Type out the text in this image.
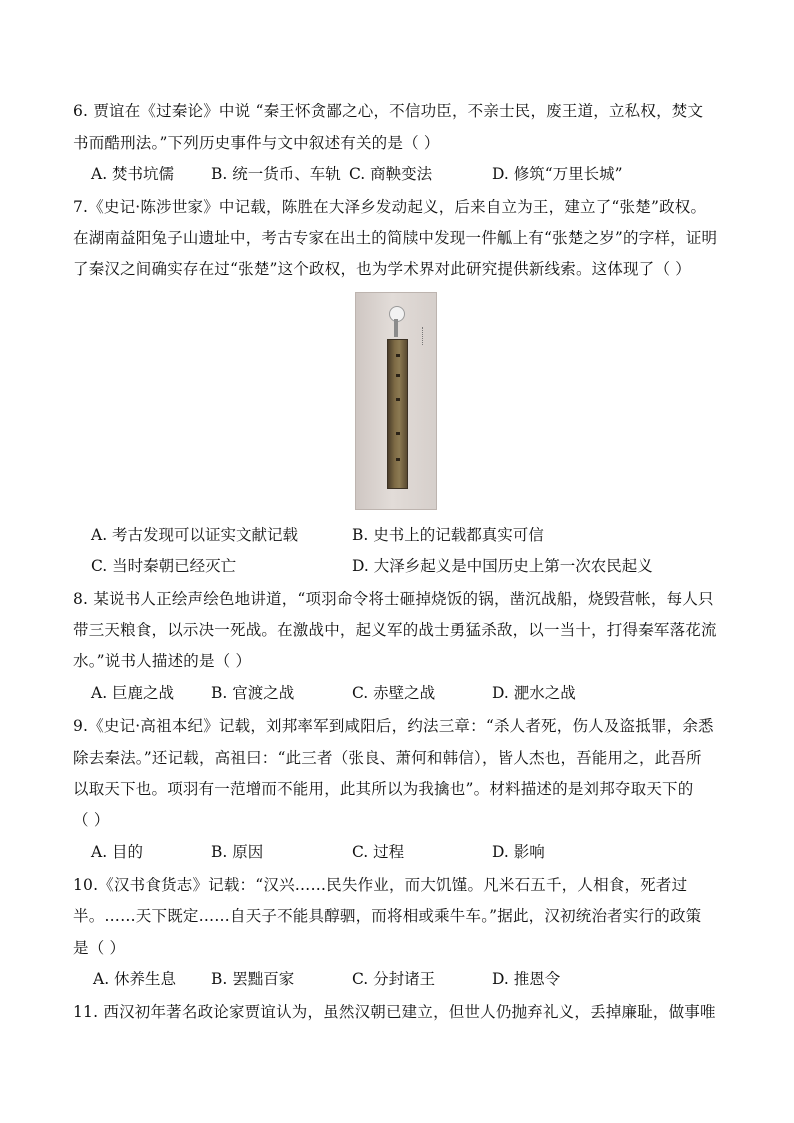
6. 贾谊在《过秦论》中说 “秦王怀贪鄙之心，不信功臣，不亲士民，废王道，立私权，焚文
书而酷刑法。”下列历史事件与文中叙述有关的是（ ）
A. 焚书坑儒 B. 统一货币、车轨 C. 商鞅变法	D. 修筑“万里长城”
7.《史记·陈涉世家》中记载，陈胜在大泽乡发动起义，后来自立为王，建立了“张楚”政权。
在湖南益阳兔子山遗址中，考古专家在出土的简牍中发现一件觚上有“张楚之岁”的字样，证明
了秦汉之间确实存在过“张楚”这个政权，也为学术界对此研究提供新线索。这体现了（ ）
A. 考古发现可以证实文献记载	B. 史书上的记载都真实可信
C. 当时秦朝已经灭亡	D. 大泽乡起义是中国历史上第一次农民起义
8. 某说书人正绘声绘色地讲道，“项羽命令将士砸掉烧饭的锅，凿沉战船，烧毁营帐，每人只
带三天粮食，以示决一死战。在激战中，起义军的战士勇猛杀敌，以一当十，打得秦军落花流
水。”说书人描述的是（ ）
A. 巨鹿之战 B. 官渡之战	C. 赤壁之战	D. 淝水之战
9.《史记·高祖本纪》记载，刘邦率军到咸阳后，约法三章：“杀人者死，伤人及盗抵罪，余悉
除去秦法。”还记载，高祖曰：“此三者（张良、萧何和韩信），皆人杰也，吾能用之，此吾所
以取天下也。项羽有一范增而不能用，此其所以为我擒也”。材料描述的是刘邦夺取天下的
（ ）
A. 目的	B. 原因	C. 过程	D. 影响
10.《汉书食货志》记载：“汉兴……民失作业，而大饥馑。凡米石五千，人相食，死者过
半。……天下既定……自天子不能具醇驷，而将相或乘牛车。”据此，汉初统治者实行的政策
是（ ）
A. 休养生息 B. 罢黜百家	C. 分封诸王	D. 推恩令
11. 西汉初年著名政论家贾谊认为，虽然汉朝已建立，但世人仍抛弃礼义，丢掉廉耻，做事唯
